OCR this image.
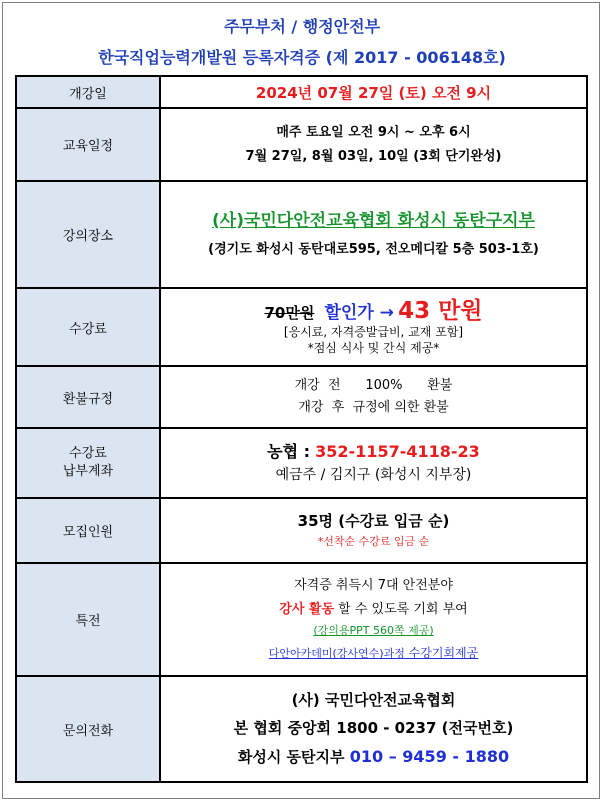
주무부처 / 행정안전부
한국직업능력개발원 등록자격증 (제 2017 - 006148호)
개강일	2024년 07월 27일 (토) 오전 9시
교육일정	매주 토요일 오전 9시 ~ 오후 6시
7월 27일, 8월 03일, 10일 (3회 단기완성)

강의장소	(사)국민다안전교육협회 화성시 동탄구지부
(경기도 화성시 동탄대로595, 전오메디칼 5층 503-1호)

수강료	70만원 할인가 → 43 만원
[응시료, 자격증발급비, 교재 포함]
*점심 식사 및 간식 제공*

환불규정	개강  전      100%      환불
개강  후  규정에 의한 환불

수강료
납부계좌	농협 : 352-1157-4118-23
예금주 / 김지구 (화성시 지부장)

모집인원	35명 (수강료 입금 순)
*선착순 수강료 입금 순

특전	자격증 취득시 7대 안전분야
강사 활동 할 수 있도록 기회 부여
(강의용PPT 560쪽 제공)
다안아카데미(강사연수)과정 수강기회제공

문의전화	(사) 국민다안전교육협회
본 협회 중앙회 1800 - 0237 (전국번호)
화성시 동탄지부 010 – 9459 - 1880
